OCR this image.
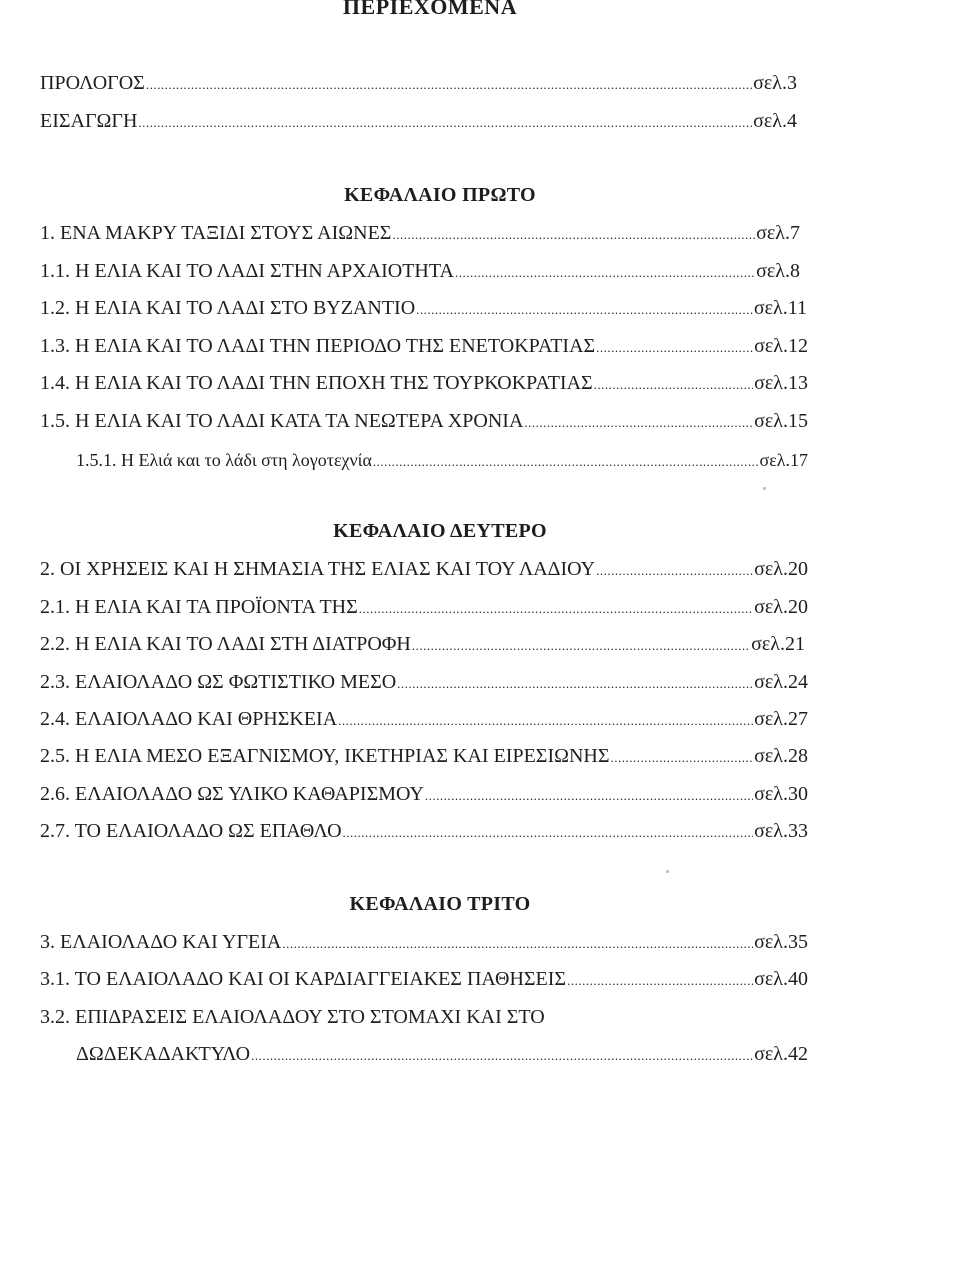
ΠΕΡΙΕΧΟΜΕΝΑ
ΠΡΟΛΟΓΟΣ .....	σελ.3
ΕΙΣΑΓΩΓΗ .....	σελ.4
ΚΕΦΑΛΑΙΟ ΠΡΩΤΟ
1. ΕΝΑ ΜΑΚΡΥ ΤΑΞΙΔΙ ΣΤΟΥΣ ΑΙΩΝΕΣ .....	σελ.7
1.1. Η ΕΛΙΑ ΚΑΙ ΤΟ ΛΑΔΙ ΣΤΗΝ ΑΡΧΑΙΟΤΗΤΑ .....	σελ.8
1.2. Η ΕΛΙΑ ΚΑΙ ΤΟ ΛΑΔΙ ΣΤΟ ΒΥΖΑΝΤΙΟ .....	σελ.11
1.3. Η ΕΛΙΑ ΚΑΙ ΤΟ ΛΑΔΙ ΤΗΝ ΠΕΡΙΟΔΟ ΤΗΣ ΕΝΕΤΟΚΡΑΤΙΑΣ .....	σελ.12
1.4. Η ΕΛΙΑ ΚΑΙ ΤΟ ΛΑΔΙ ΤΗΝ ΕΠΟΧΗ ΤΗΣ ΤΟΥΡΚΟΚΡΑΤΙΑΣ .....	σελ.13
1.5. Η ΕΛΙΑ ΚΑΙ ΤΟ ΛΑΔΙ ΚΑΤΑ ΤΑ ΝΕΩΤΕΡΑ ΧΡΟΝΙΑ .....	σελ.15
1.5.1. Η Ελιά και το λάδι στη λογοτεχνία .....	σελ.17
ΚΕΦΑΛΑΙΟ ΔΕΥΤΕΡΟ
2. ΟΙ ΧΡΗΣΕΙΣ ΚΑΙ Η ΣΗΜΑΣΙΑ ΤΗΣ ΕΛΙΑΣ ΚΑΙ ΤΟΥ ΛΑΔΙΟΥ .....	σελ.20
2.1. Η ΕΛΙΑ ΚΑΙ ΤΑ ΠΡΟΪΟΝΤΑ ΤΗΣ .....	σελ.20
2.2. Η ΕΛΙΑ ΚΑΙ ΤΟ ΛΑΔΙ ΣΤΗ ΔΙΑΤΡΟΦΗ .....	σελ.21
2.3. ΕΛΑΙΟΛΑΔΟ ΩΣ ΦΩΤΙΣΤΙΚΟ ΜΕΣΟ .....	σελ.24
2.4. ΕΛΑΙΟΛΑΔΟ ΚΑΙ ΘΡΗΣΚΕΙΑ .....	σελ.27
2.5. Η ΕΛΙΑ ΜΕΣΟ ΕΞΑΓΝΙΣΜΟΥ, ΙΚΕΤΗΡΙΑΣ ΚΑΙ ΕΙΡΕΣΙΩΝΗΣ .....	σελ.28
2.6. ΕΛΑΙΟΛΑΔΟ ΩΣ ΥΛΙΚΟ ΚΑΘΑΡΙΣΜΟΥ .....	σελ.30
2.7. ΤΟ ΕΛΑΙΟΛΑΔΟ ΩΣ ΕΠΑΘΛΟ .....	σελ.33
ΚΕΦΑΛΑΙΟ ΤΡΙΤΟ
3. ΕΛΑΙΟΛΑΔΟ ΚΑΙ ΥΓΕΙΑ .....	σελ.35
3.1. ΤΟ ΕΛΑΙΟΛΑΔΟ ΚΑΙ ΟΙ ΚΑΡΔΙΑΓΓΕΙΑΚΕΣ ΠΑΘΗΣΕΙΣ .....	σελ.40
3.2. ΕΠΙΔΡΑΣΕΙΣ ΕΛΑΙΟΛΑΔΟΥ ΣΤΟ ΣΤΟΜΑΧΙ ΚΑΙ ΣΤΟ
ΔΩΔΕΚΑΔΑΚΤΥΛΟ .....	σελ.42
